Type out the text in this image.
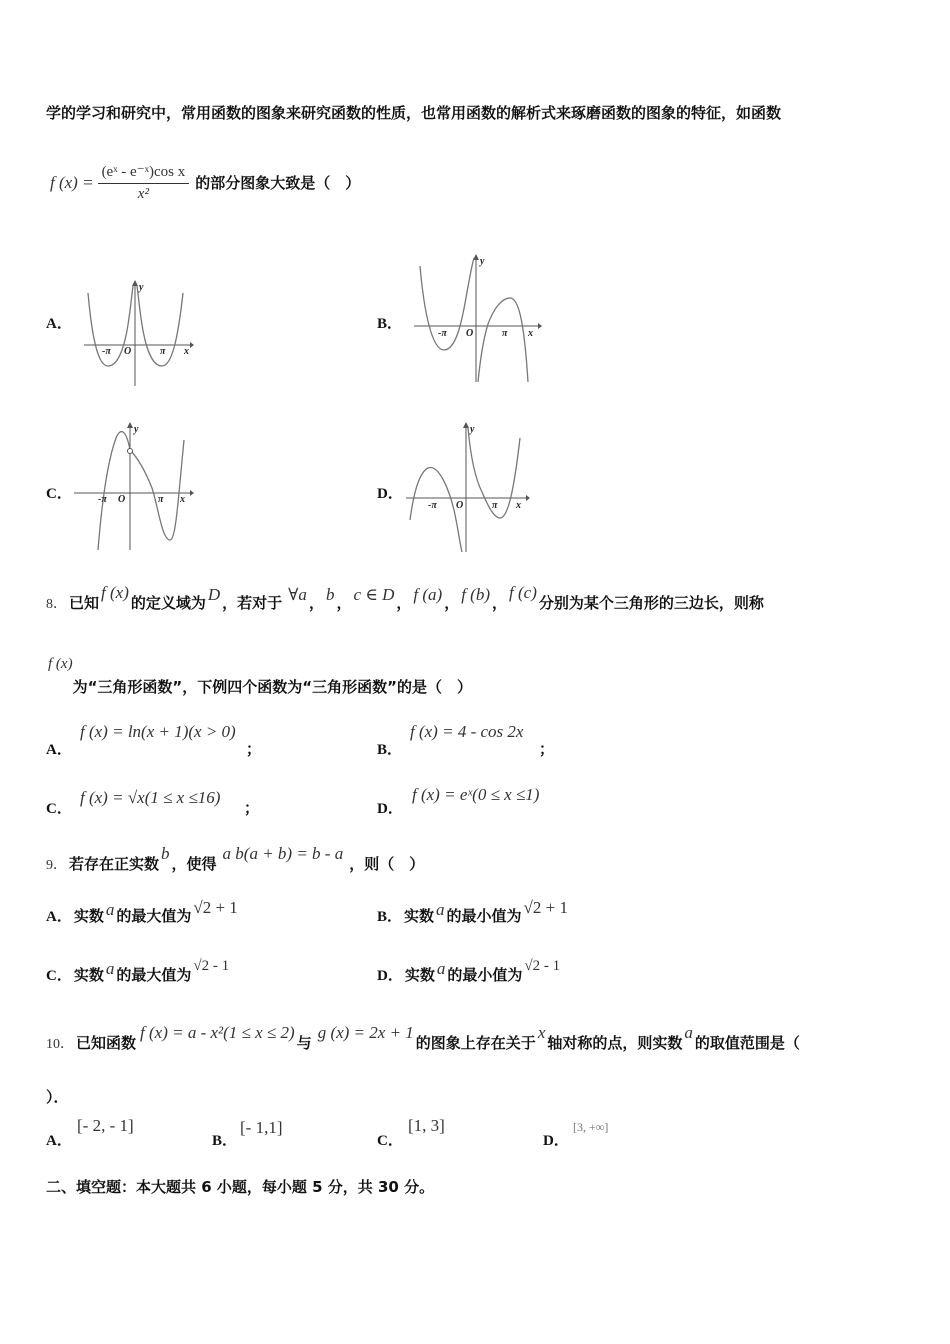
学的学习和研究中，常用函数的图象来研究函数的性质，也常用函数的解析式来琢磨函数的图象的特征，如函数
f $(x) = \frac{\text{(eˣ - e⁻ˣ)cos x}}{\text{x²}}$ 的部分图象大致是（　）
A．	B．
C．	D．
y
x
O
-π	π
y
x
O
-π	π
y
x
O
-π	π
y
x
O
-π	π
8． 已知
f (x)
的定义域为 D ，若对于 ∀a ， b ， c ∈ D ， f (a) ， f (b) ，
f (c)
分别为某个三角形的三边长，则称
f (x)
为“三角形函数”，下例四个函数为“三角形函数”的是（　）
A．
f (x) = ln(x + 1)(x > 0)
；	B．
f (x) = 4 - cos 2x
；
C．
f (x) = √x(1 ≤ x ≤16)
；	D．
f (x) = eˣ(0 ≤ x ≤1)
9． 若存在正实数
b
，使得
a b(a + b) = b - a
，则（　）
A． 实数 a 的最大值为 √2 + 1
B． 实数 a 的最小值为 √2 + 1
C． 实数 a 的最大值为 √2 - 1
D． 实数 a 的最小值为 √2 - 1
10． 已知函数
f (x) = a - x²(1 ≤ x ≤ 2)
与
g (x) = 2x + 1
的图象上存在关于
x
轴对称的点，则实数
a
的取值范围是（
）．
A．
[- 2, - 1]
B．
[- 1,1]
C．
[1, 3]
D．
[3, +∞]
二、填空题：本大题共 6 小题，每小题 5 分，共 30 分。
